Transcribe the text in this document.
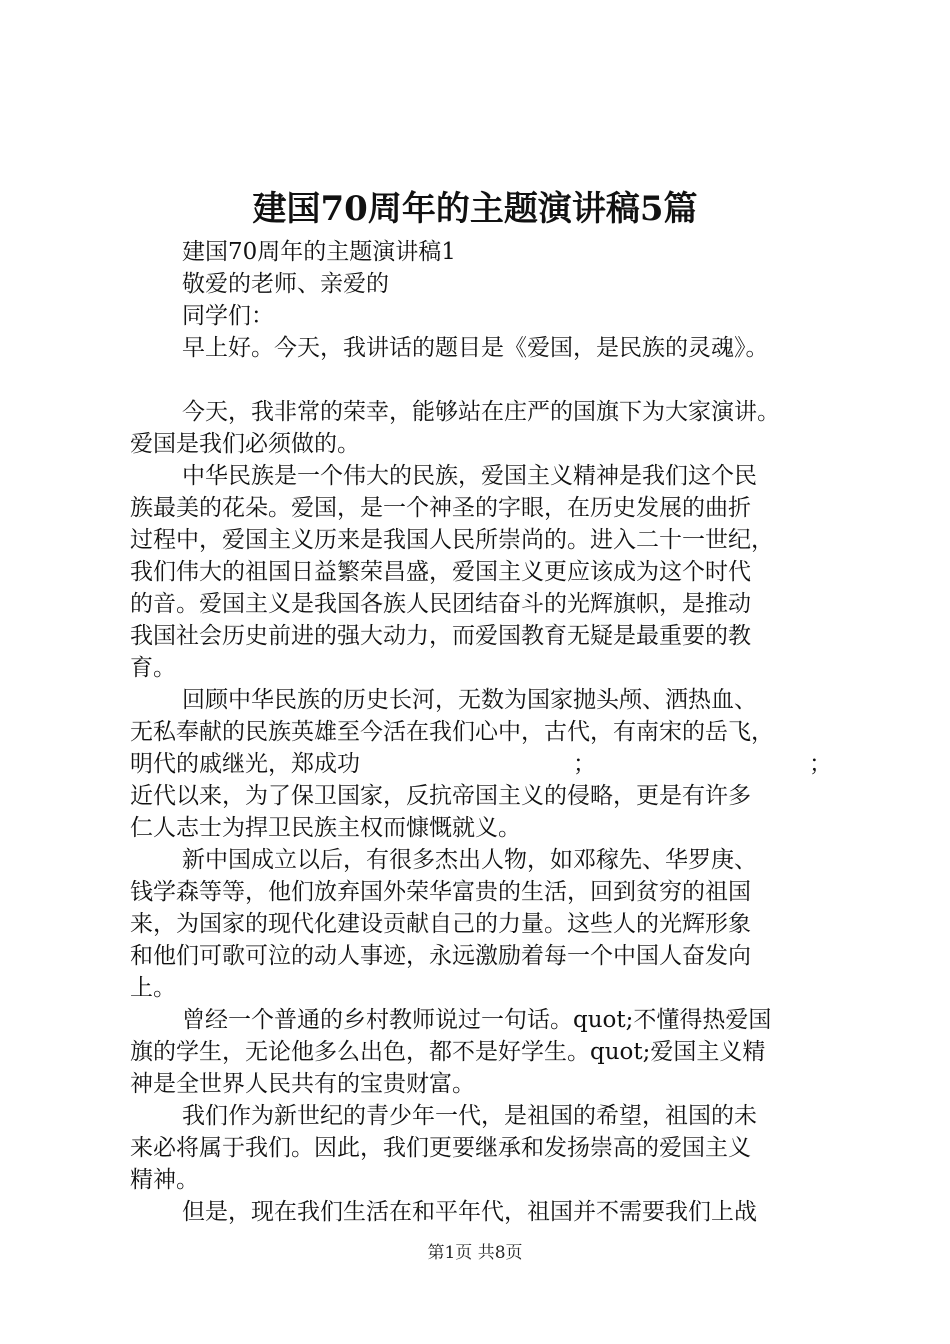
建国70周年的主题演讲稿5篇
建国70周年的主题演讲稿1
敬爱的老师、亲爱的
同学们：
早上好。今天，我讲话的题目是《爱国，是民族的灵魂》。
今天，我非常的荣幸，能够站在庄严的国旗下为大家演讲。
爱国是我们必须做的。
中华民族是一个伟大的民族，爱国主义精神是我们这个民
族最美的花朵。爱国，是一个神圣的字眼，在历史发展的曲折
过程中，爱国主义历来是我国人民所崇尚的。进入二十一世纪，
我们伟大的祖国日益繁荣昌盛，爱国主义更应该成为这个时代
的音。爱国主义是我国各族人民团结奋斗的光辉旗帜，是推动
我国社会历史前进的强大动力，而爱国教育无疑是最重要的教
育。
回顾中华民族的历史长河，无数为国家抛头颅、洒热血、
无私奉献的民族英雄至今活在我们心中，古代，有南宋的岳飞，
明代的戚继光，郑成功	；	；
近代以来，为了保卫国家，反抗帝国主义的侵略，更是有许多
仁人志士为捍卫民族主权而慷慨就义。
新中国成立以后，有很多杰出人物，如邓稼先、华罗庚、
钱学森等等，他们放弃国外荣华富贵的生活，回到贫穷的祖国
来，为国家的现代化建设贡献自己的力量。这些人的光辉形象
和他们可歌可泣的动人事迹，永远激励着每一个中国人奋发向
上。
曾经一个普通的乡村教师说过一句话。quot;不懂得热爱国
旗的学生，无论他多么出色，都不是好学生。quot;爱国主义精
神是全世界人民共有的宝贵财富。
我们作为新世纪的青少年一代，是祖国的希望，祖国的未
来必将属于我们。因此，我们更要继承和发扬崇高的爱国主义
精神。
但是，现在我们生活在和平年代，祖国并不需要我们上战
第1页 共8页
